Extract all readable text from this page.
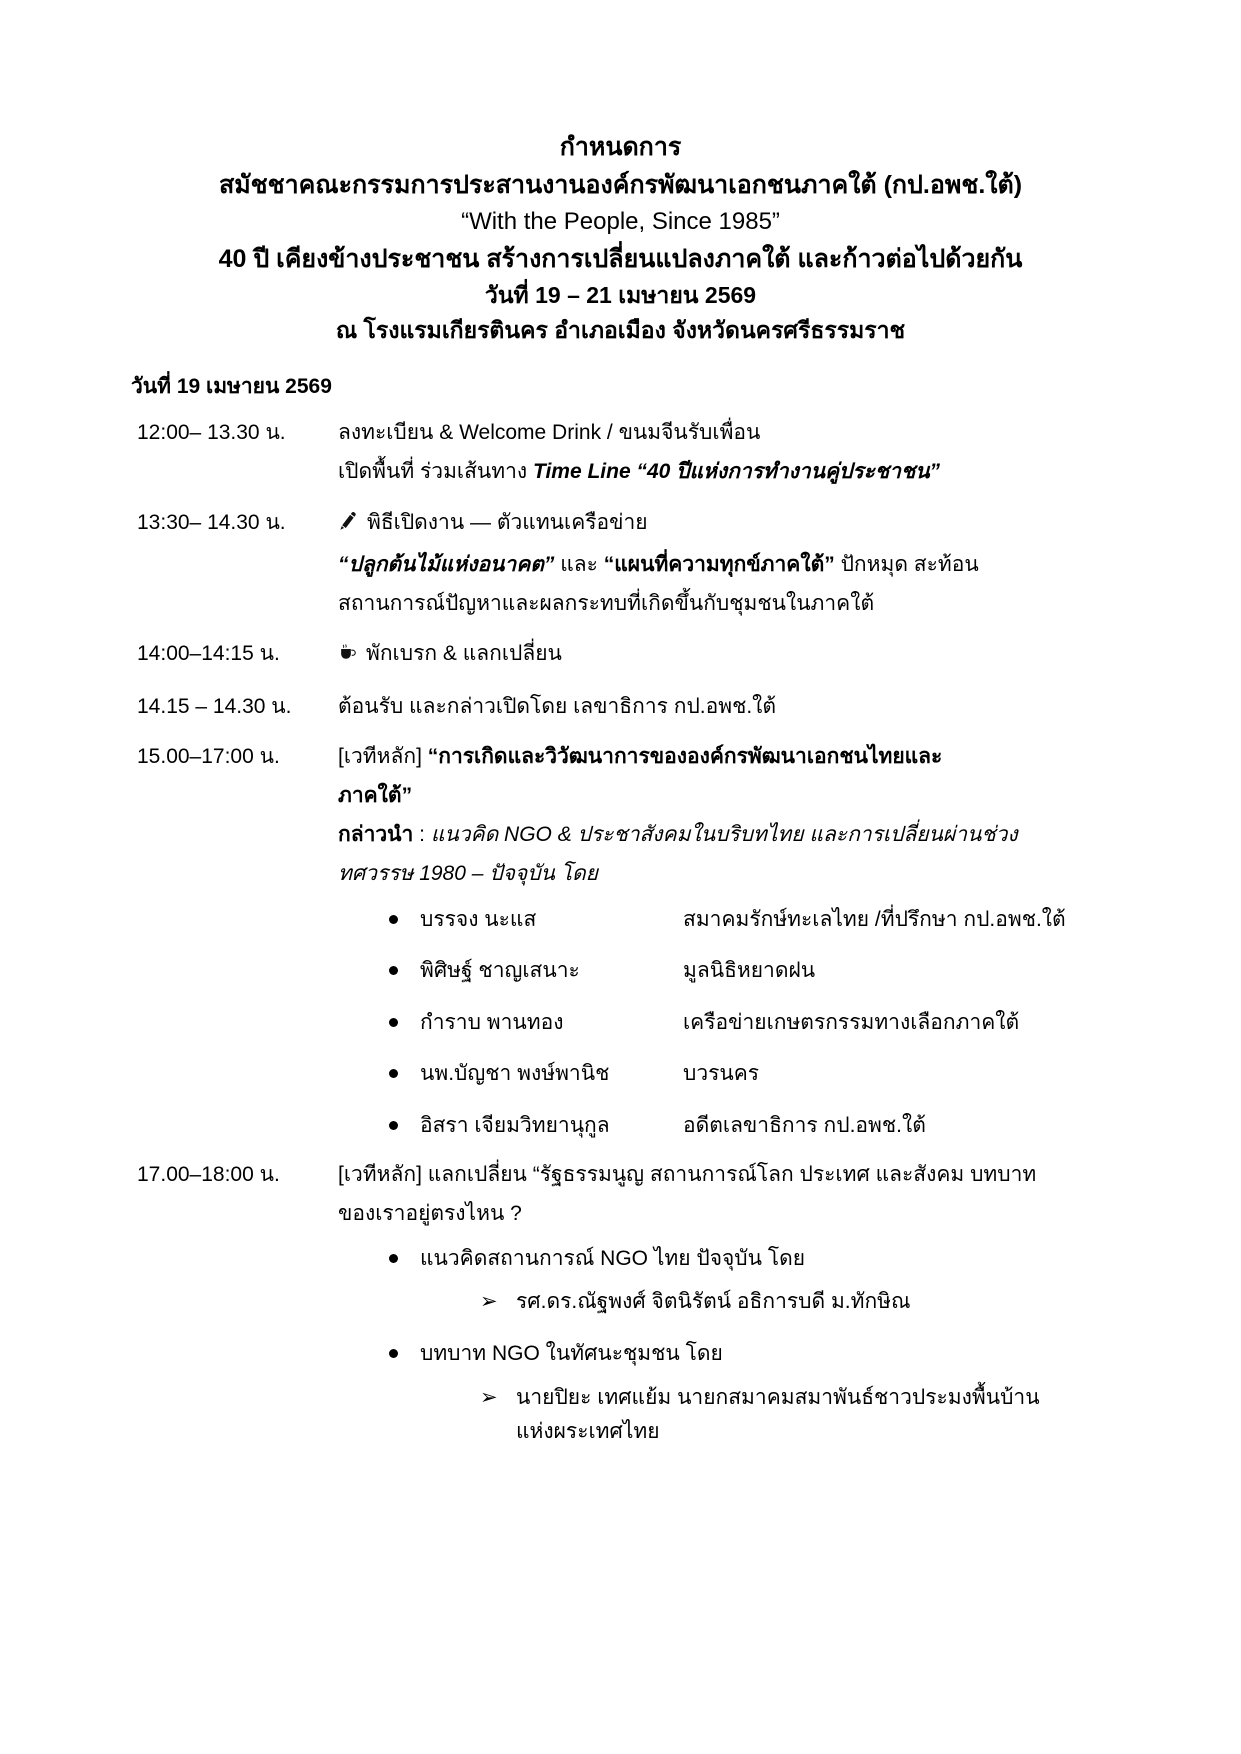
กำหนดการ
สมัชชาคณะกรรมการประสานงานองค์กรพัฒนาเอกชนภาคใต้ (กป.อพช.ใต้)
“With the People, Since 1985”
40 ปี เคียงข้างประชาชน สร้างการเปลี่ยนแปลงภาคใต้ และก้าวต่อไปด้วยกัน
วันที่ 19 – 21 เมษายน 2569
ณ โรงแรมเกียรตินคร อำเภอเมือง จังหวัดนครศรีธรรมราช
วันที่ 19 เมษายน 2569
12:00– 13.30 น.	ลงทะเบียน & Welcome Drink / ขนมจีนรับเพื่อน

เปิดพื้นที่ ร่วมเส้นทาง Time Line “40 ปีแห่งการทำงานคู่ประชาชน”

13:30– 14.30 น.	พิธีเปิดงาน — ตัวแทนเครือข่าย

“ปลูกต้นไม้แห่งอนาคต” และ “แผนที่ความทุกข์ภาคใต้” ปักหมุด สะท้อน

สถานการณ์ปัญหาและผลกระทบที่เกิดขึ้นกับชุมชนในภาคใต้

14:00–14:15 น.	พักเบรก & แลกเปลี่ยน

14.15 – 14.30 น.	ต้อนรับ และกล่าวเปิดโดย เลขาธิการ กป.อพช.ใต้

15.00–17:00 น.	[เวทีหลัก] “การเกิดและวิวัฒนาการขององค์กรพัฒนาเอกชนไทยและ

ภาคใต้”

กล่าวนำ : แนวคิด NGO & ประชาสังคมในบริบทไทย และการเปลี่ยนผ่านช่วง

ทศวรรษ 1980 – ปัจจุบัน โดย

บรรจง นะแส	สมาคมรักษ์ทะเลไทย /ที่ปรึกษา กป.อพช.ใต้
พิศิษฐ์ ชาญเสนาะ	มูลนิธิหยาดฝน
กำราบ พานทอง	เครือข่ายเกษตรกรรมทางเลือกภาคใต้
นพ.บัญชา พงษ์พานิช	บวรนคร
อิสรา เจียมวิทยานุกูล	อดีตเลขาธิการ กป.อพช.ใต้
17.00–18:00 น.	[เวทีหลัก] แลกเปลี่ยน “รัฐธรรมนูญ สถานการณ์โลก ประเทศ และสังคม บทบาท

ของเราอยู่ตรงไหน ?

แนวคิดสถานการณ์ NGO ไทย ปัจจุบัน โดย
➢ รศ.ดร.ณัฐพงศ์ จิตนิรัตน์ อธิการบดี ม.ทักษิณ
บทบาท NGO ในทัศนะชุมชน โดย
➢ นายปิยะ เทศแย้ม นายกสมาคมสมาพันธ์ชาวประมงพื้นบ้าน
แห่งผระเทศไทย
